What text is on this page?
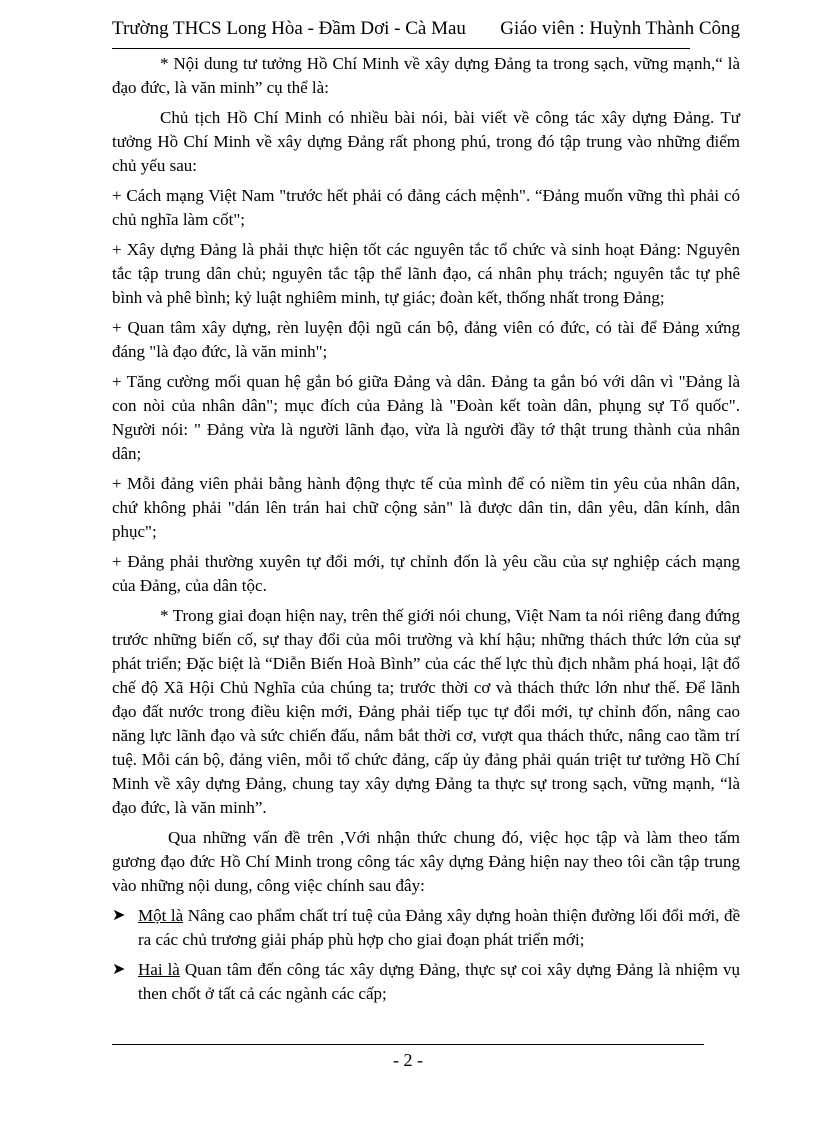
Trường THCS Long Hòa - Đầm Dơi - Cà Mau Giáo viên : Huỳnh Thành Công

* Nội dung tư tưởng Hồ Chí Minh về xây dựng Đảng ta trong sạch, vững mạnh,“ là đạo đức, là văn minh” cụ thể là:

Chủ tịch Hồ Chí Minh có nhiều bài nói, bài viết về công tác xây dựng Đảng. Tư tưởng Hồ Chí Minh về xây dựng Đảng rất phong phú, trong đó tập trung vào những điểm chủ yếu sau:

+ Cách mạng Việt Nam "trước hết phải có đảng cách mệnh". “Đảng muốn vững thì phải có chủ nghĩa làm cốt";

+ Xây dựng Đảng là phải thực hiện tốt các nguyên tắc tổ chức và sinh hoạt Đảng: Nguyên tắc tập trung dân chủ; nguyên tắc tập thể lãnh đạo, cá nhân phụ trách; nguyên tắc tự phê bình và phê bình; kỷ luật nghiêm minh, tự giác; đoàn kết, thống nhất trong Đảng;

+ Quan tâm xây dựng, rèn luyện đội ngũ cán bộ, đảng viên có đức, có tài để Đảng xứng đáng "là đạo đức, là văn minh";

+ Tăng cường mối quan hệ gắn bó giữa Đảng và dân. Đảng ta gắn bó với dân vì "Đảng là con nòi của nhân dân"; mục đích của Đảng là "Đoàn kết toàn dân, phụng sự Tổ quốc". Người nói: " Đảng vừa là người lãnh đạo, vừa là người đầy tớ thật trung thành của nhân dân;

+ Mỗi đảng viên phải bằng hành động thực tế của mình để có niềm tin yêu của nhân dân, chứ không phải "dán lên trán hai chữ cộng sản" là được dân tin, dân yêu, dân kính, dân phục";

+ Đảng phải thường xuyên tự đổi mới, tự chỉnh đốn là yêu cầu của sự nghiệp cách mạng của Đảng, của dân tộc.

* Trong giai đoạn hiện nay, trên thế giới nói chung, Việt Nam ta nói riêng đang đứng trước những biến cố, sự thay đổi của môi trường và khí hậu; những thách thức lớn của sự phát triển; Đặc biệt là “Diễn Biến Hoà Bình” của các thế lực thù địch nhằm phá hoại, lật đổ chế độ Xã Hội Chủ Nghĩa của chúng ta; trước thời cơ và thách thức lớn như thế. Để lãnh đạo đất nước trong điều kiện mới, Đảng phải tiếp tục tự đổi mới, tự chỉnh đốn, nâng cao năng lực lãnh đạo và sức chiến đấu, nắm bắt thời cơ, vượt qua thách thức, nâng cao tầm trí tuệ. Mỗi cán bộ, đảng viên, mỗi tổ chức đảng, cấp ủy đảng phải quán triệt tư tưởng Hồ Chí Minh về xây dựng Đảng, chung tay xây dựng Đảng ta thực sự trong sạch, vững mạnh, “là đạo đức, là văn minh”.

Qua những vấn đề trên ,Với nhận thức chung đó, việc học tập và làm theo tấm gương đạo đức Hồ Chí Minh trong công tác xây dựng Đảng hiện nay theo tôi cần tập trung vào những nội dung, công việc chính sau đây:

➤ Một là Nâng cao phẩm chất trí tuệ của Đảng xây dựng hoàn thiện đường lối đổi mới, đề ra các chủ trương giải pháp phù hợp cho giai đoạn phát triển mới;
➤ Hai là Quan tâm đến công tác xây dựng Đảng, thực sự coi xây dựng Đảng là nhiệm vụ then chốt ở tất cả các ngành các cấp;
- 2 -
